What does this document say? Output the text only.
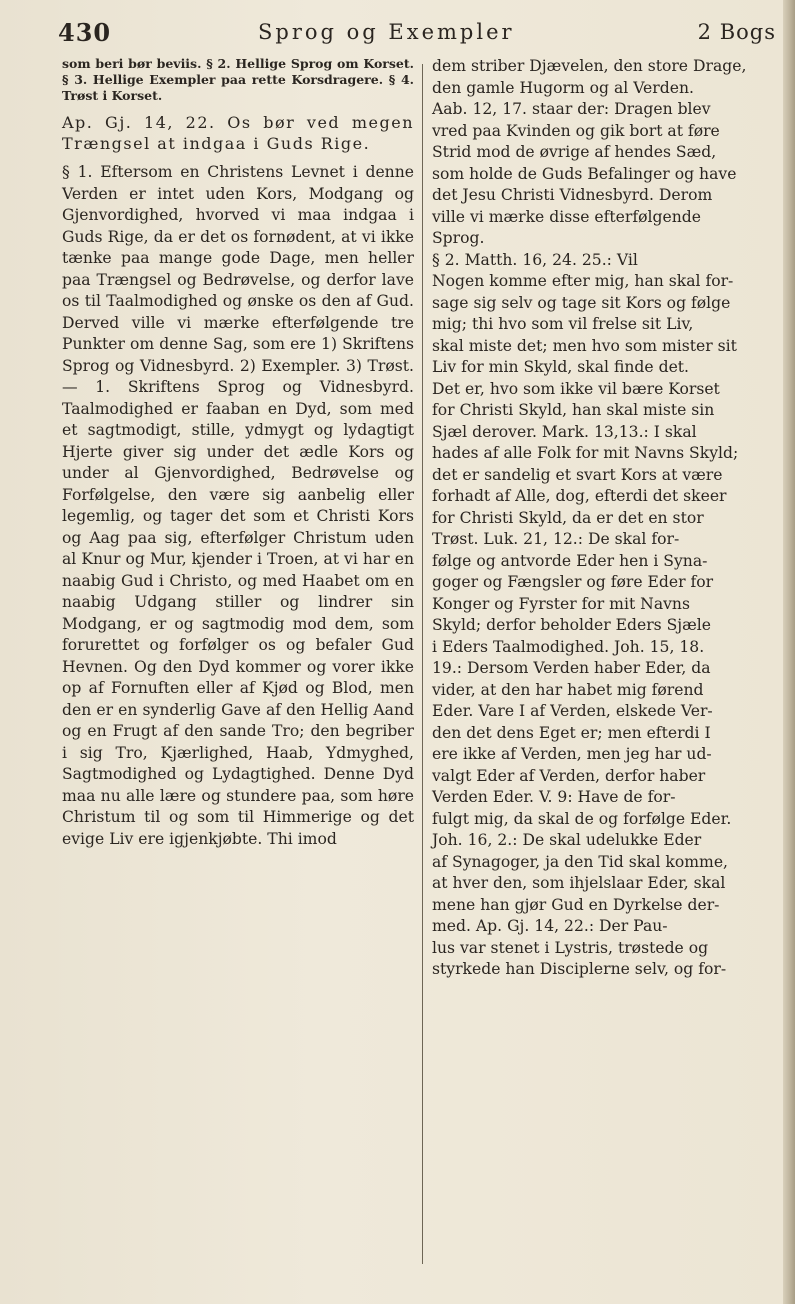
430	Sprog og Exempler	2 Bogs
som beri bør beviis. § 2. Hellige Sprog om Korset. § 3. Hellige Exempler paa rette Korsdragere. § 4. Trøst i Korset.
Ap. Gj. 14, 22. Os bør ved megen Trængsel at indgaa i Guds Rige.

§ 1. Eftersom en Christens Levnet i denne Verden er intet uden Kors, Modgang og Gjenvordighed, hvorved vi maa indgaa i Guds Rige, da er det os fornødent, at vi ikke tænke paa mange gode Dage, men heller paa Trængsel og Bedrøvelse, og derfor lave os til Taalmodighed og ønske os den af Gud. Derved ville vi mærke efterfølgende tre Punkter om denne Sag, som ere 1) Skriftens Sprog og Vidnesbyrd. 2) Exempler. 3) Trøst. — 1. Skriftens Sprog og Vidnesbyrd. Taalmodighed er faaban en Dyd, som med et sagtmodigt, stille, ydmygt og lydagtigt Hjerte giver sig under det ædle Kors og under al Gjenvordighed, Bedrøvelse og Forfølgelse, den være sig aanbelig eller legemlig, og tager det som et Christi Kors og Aag paa sig, efterfølger Christum uden al Knur og Mur, kjender i Troen, at vi har en naabig Gud i Christo, og med Haabet om en naabig Udgang stiller og lindrer sin Modgang, er og sagtmodig mod dem, som forurettet og forfølger os og befaler Gud Hevnen. Og den Dyd kommer og vorer ikke op af Fornuften eller af Kjød og Blod, men den er en synderlig Gave af den Hellig Aand og en Frugt af den sande Tro; den begriber i sig Tro, Kjærlighed, Haab, Ydmyghed, Sagtmodighed og Lydagtighed. Denne Dyd maa nu alle lære og stundere paa, som høre Christum til og som til Himmerige og det evige Liv ere igjenkjøbte. Thi imod

dem striber Djævelen, den store Drage,
den gamle Hugorm og al Verden.
Aab. 12, 17. staar der: Dragen blev
vred paa Kvinden og gik bort at føre
Strid mod de øvrige af hendes Sæd,
som holde de Guds Befalinger og have
det Jesu Christi Vidnesbyrd. Derom
ville vi mærke disse efterfølgende
Sprog.

§ 2. Matth. 16, 24. 25.: Vil
Nogen komme efter mig, han skal for-
sage sig selv og tage sit Kors og følge
mig; thi hvo som vil frelse sit Liv,
skal miste det; men hvo som mister sit
Liv for min Skyld, skal finde det.
Det er, hvo som ikke vil bære Korset
for Christi Skyld, han skal miste sin
Sjæl derover. Mark. 13,13.: I skal
hades af alle Folk for mit Navns Skyld;
det er sandelig et svart Kors at være
forhadt af Alle, dog, efterdi det skeer
for Christi Skyld, da er det en stor
Trøst. Luk. 21, 12.: De skal for-
følge og antvorde Eder hen i Syna-
goger og Fængsler og føre Eder for
Konger og Fyrster for mit Navns
Skyld; derfor beholder Eders Sjæle
i Eders Taalmodighed. Joh. 15, 18.
19.: Dersom Verden haber Eder, da
vider, at den har habet mig førend
Eder. Vare I af Verden, elskede Ver-
den det dens Eget er; men efterdi I
ere ikke af Verden, men jeg har ud-
valgt Eder af Verden, derfor haber
Verden Eder. V. 9: Have de for-
fulgt mig, da skal de og forfølge Eder.
Joh. 16, 2.: De skal udelukke Eder
af Synagoger, ja den Tid skal komme,
at hver den, som ihjelslaar Eder, skal
mene han gjør Gud en Dyrkelse der-
med. Ap. Gj. 14, 22.: Der Pau-
lus var stenet i Lystris, trøstede og
styrkede han Disciplerne selv, og for-
